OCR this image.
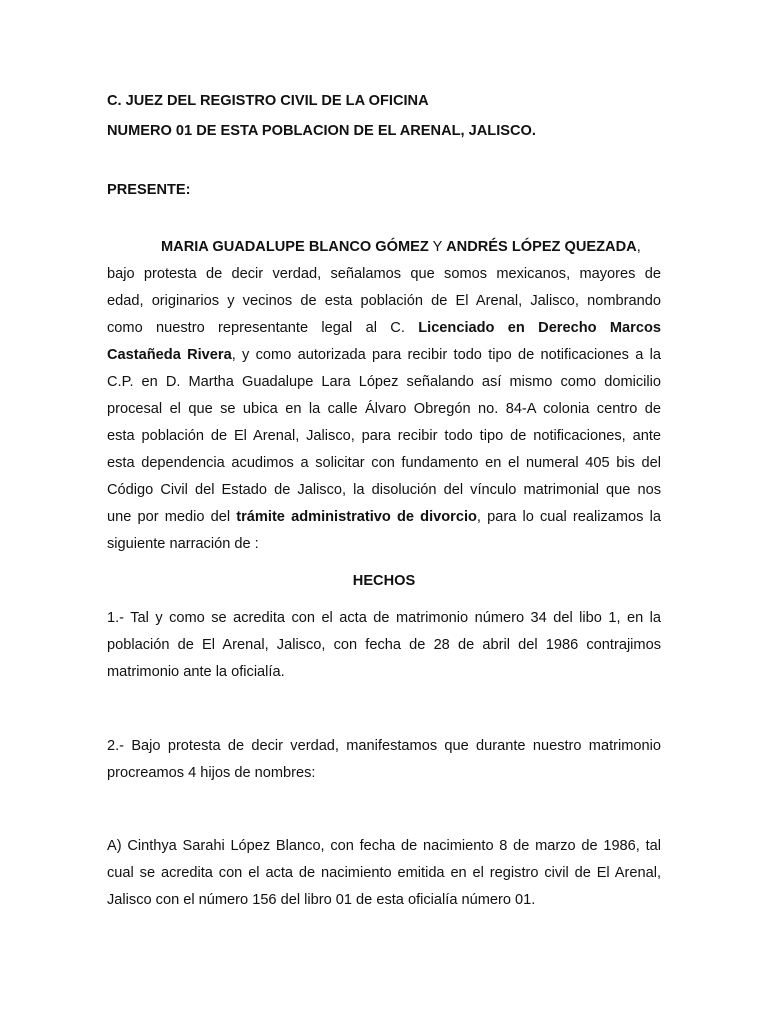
C. JUEZ DEL REGISTRO CIVIL DE LA OFICINA
NUMERO 01 DE ESTA POBLACION DE EL ARENAL, JALISCO.
PRESENTE:
MARIA GUADALUPE BLANCO GÓMEZ Y ANDRÉS LÓPEZ QUEZADA,
bajo protesta de decir verdad, señalamos que somos mexicanos, mayores de
edad, originarios y vecinos de esta población de El Arenal, Jalisco, nombrando
como nuestro representante legal al C. Licenciado en Derecho Marcos
Castañeda Rivera, y como autorizada para recibir todo tipo de notificaciones a la
C.P. en D. Martha Guadalupe Lara López señalando así mismo como domicilio
procesal el que se ubica en la calle Álvaro Obregón no. 84-A colonia centro de
esta población de El Arenal, Jalisco, para recibir todo tipo de notificaciones, ante
esta dependencia acudimos a solicitar con fundamento en el numeral 405 bis del
Código Civil del Estado de Jalisco, la disolución del vínculo matrimonial que nos
une por medio del trámite administrativo de divorcio, para lo cual realizamos la
siguiente narración de :
HECHOS
1.- Tal y como se acredita con el acta de matrimonio número 34 del libo 1, en la
población de El Arenal, Jalisco, con fecha de 28 de abril del 1986 contrajimos
matrimonio ante la oficialía.
2.- Bajo protesta de decir verdad, manifestamos que durante nuestro matrimonio
procreamos 4 hijos de nombres:
A) Cinthya Sarahi López Blanco, con fecha de nacimiento 8 de marzo de 1986, tal
cual se acredita con el acta de nacimiento emitida en el registro civil de El Arenal,
Jalisco con el número 156 del libro 01 de esta oficialía número 01.
